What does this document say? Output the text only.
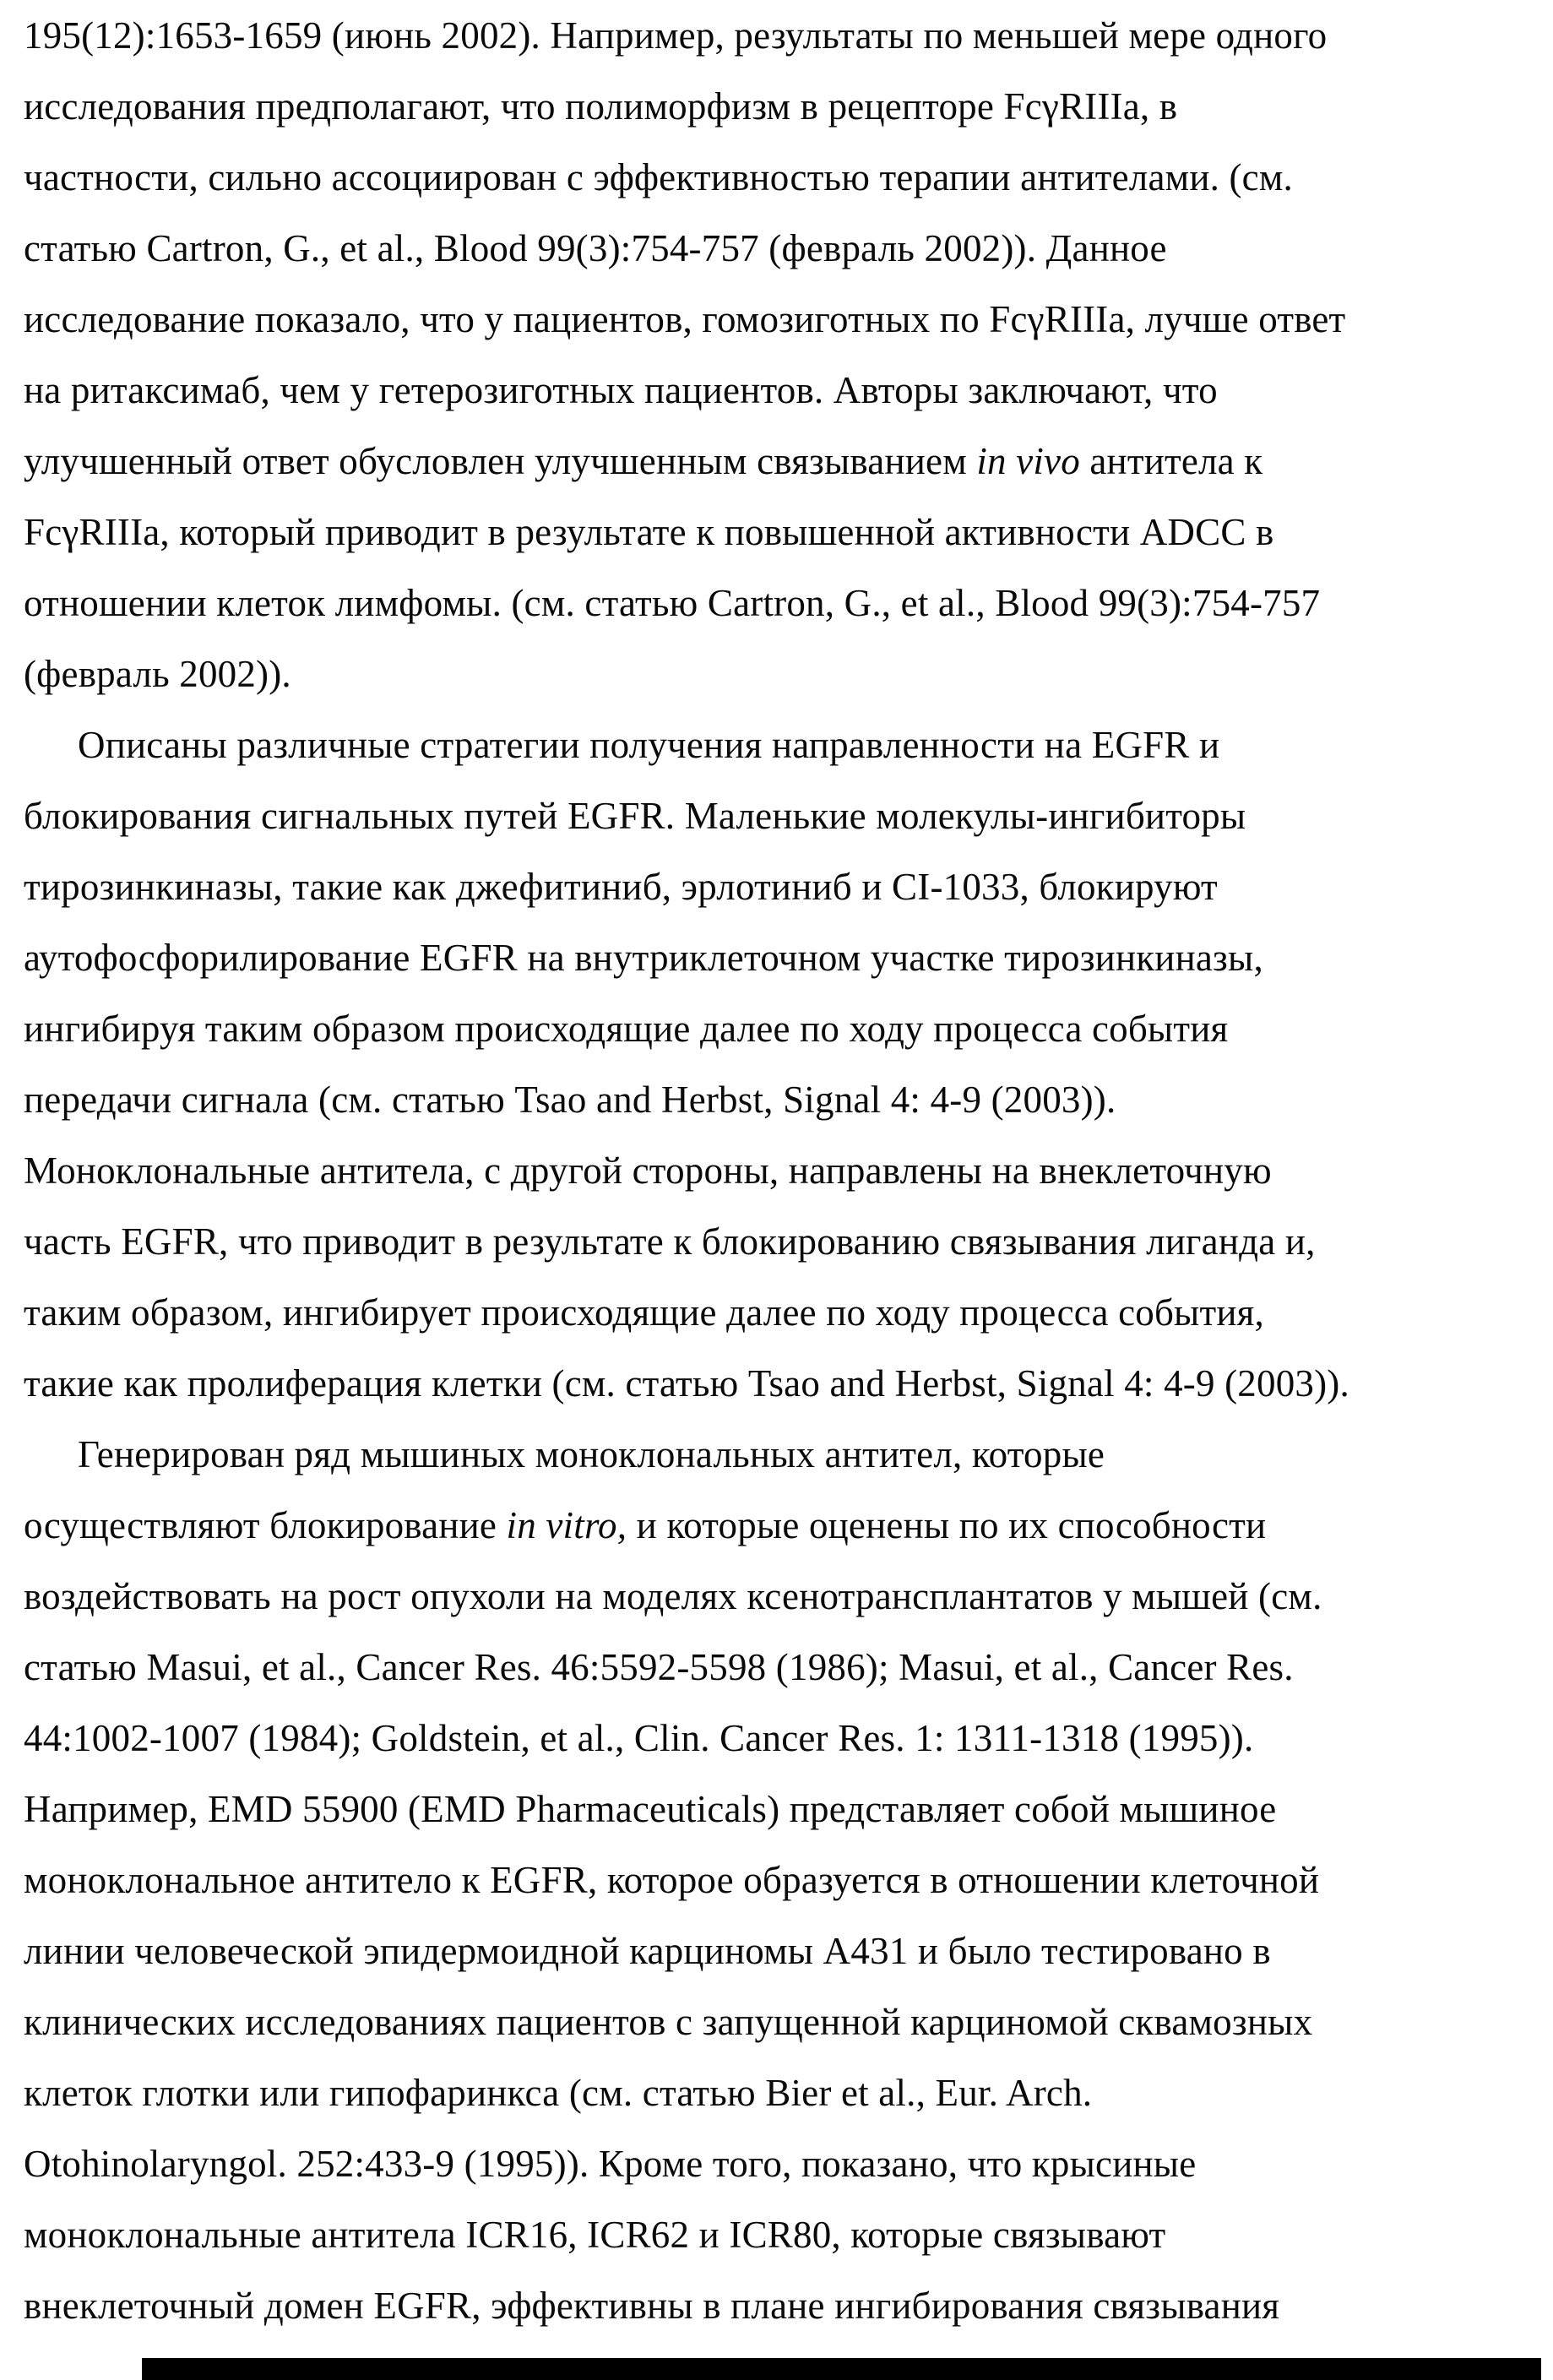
195(12):1653-1659 (июнь 2002). Например, результаты по меньшей мере одного
исследования предполагают, что полиморфизм в рецепторе FcγRIIIa, в
частности, сильно ассоциирован с эффективностью терапии антителами. (см.
статью Cartron, G., et al., Blood 99(3):754-757 (февраль 2002)). Данное
исследование показало, что у пациентов, гомозиготных по FcγRIIIa, лучше ответ
на ритаксимаб, чем у гетерозиготных пациентов. Авторы заключают, что
улучшенный ответ обусловлен улучшенным связыванием in vivo антитела к
FcγRIIIa, который приводит в результате к повышенной активности ADCC в
отношении клеток лимфомы. (см. статью Cartron, G., et al., Blood 99(3):754-757
(февраль 2002)).
Описаны различные стратегии получения направленности на EGFR и
блокирования сигнальных путей EGFR. Маленькие молекулы-ингибиторы
тирозинкиназы, такие как джефитиниб, эрлотиниб и CI-1033, блокируют
аутофосфорилирование EGFR на внутриклеточном участке тирозинкиназы,
ингибируя таким образом происходящие далее по ходу процесса события
передачи сигнала (см. статью Tsao and Herbst, Signal 4: 4-9 (2003)).
Моноклональные антитела, с другой стороны, направлены на внеклеточную
часть EGFR, что приводит в результате к блокированию связывания лиганда и,
таким образом, ингибирует происходящие далее по ходу процесса события,
такие как пролиферация клетки (см. статью Tsao and Herbst, Signal 4: 4-9 (2003)).
Генерирован ряд мышиных моноклональных антител, которые
осуществляют блокирование in vitro, и которые оценены по их способности
воздействовать на рост опухоли на моделях ксенотрансплантатов у мышей (см.
статью Masui, et al., Cancer Res. 46:5592-5598 (1986); Masui, et al., Cancer Res.
44:1002-1007 (1984); Goldstein, et al., Clin. Cancer Res. 1: 1311-1318 (1995)).
Например, EMD 55900 (EMD Pharmaceuticals) представляет собой мышиное
моноклональное антитело к EGFR, которое образуется в отношении клеточной
линии человеческой эпидермоидной карциномы A431 и было тестировано в
клинических исследованиях пациентов с запущенной карциномой сквамозных
клеток глотки или гипофаринкса (см. статью Bier et al., Eur. Arch.
Otohinolaryngol. 252:433-9 (1995)). Кроме того, показано, что крысиные
моноклональные антитела ICR16, ICR62 и ICR80, которые связывают
внеклеточный домен EGFR, эффективны в плане ингибирования связывания
